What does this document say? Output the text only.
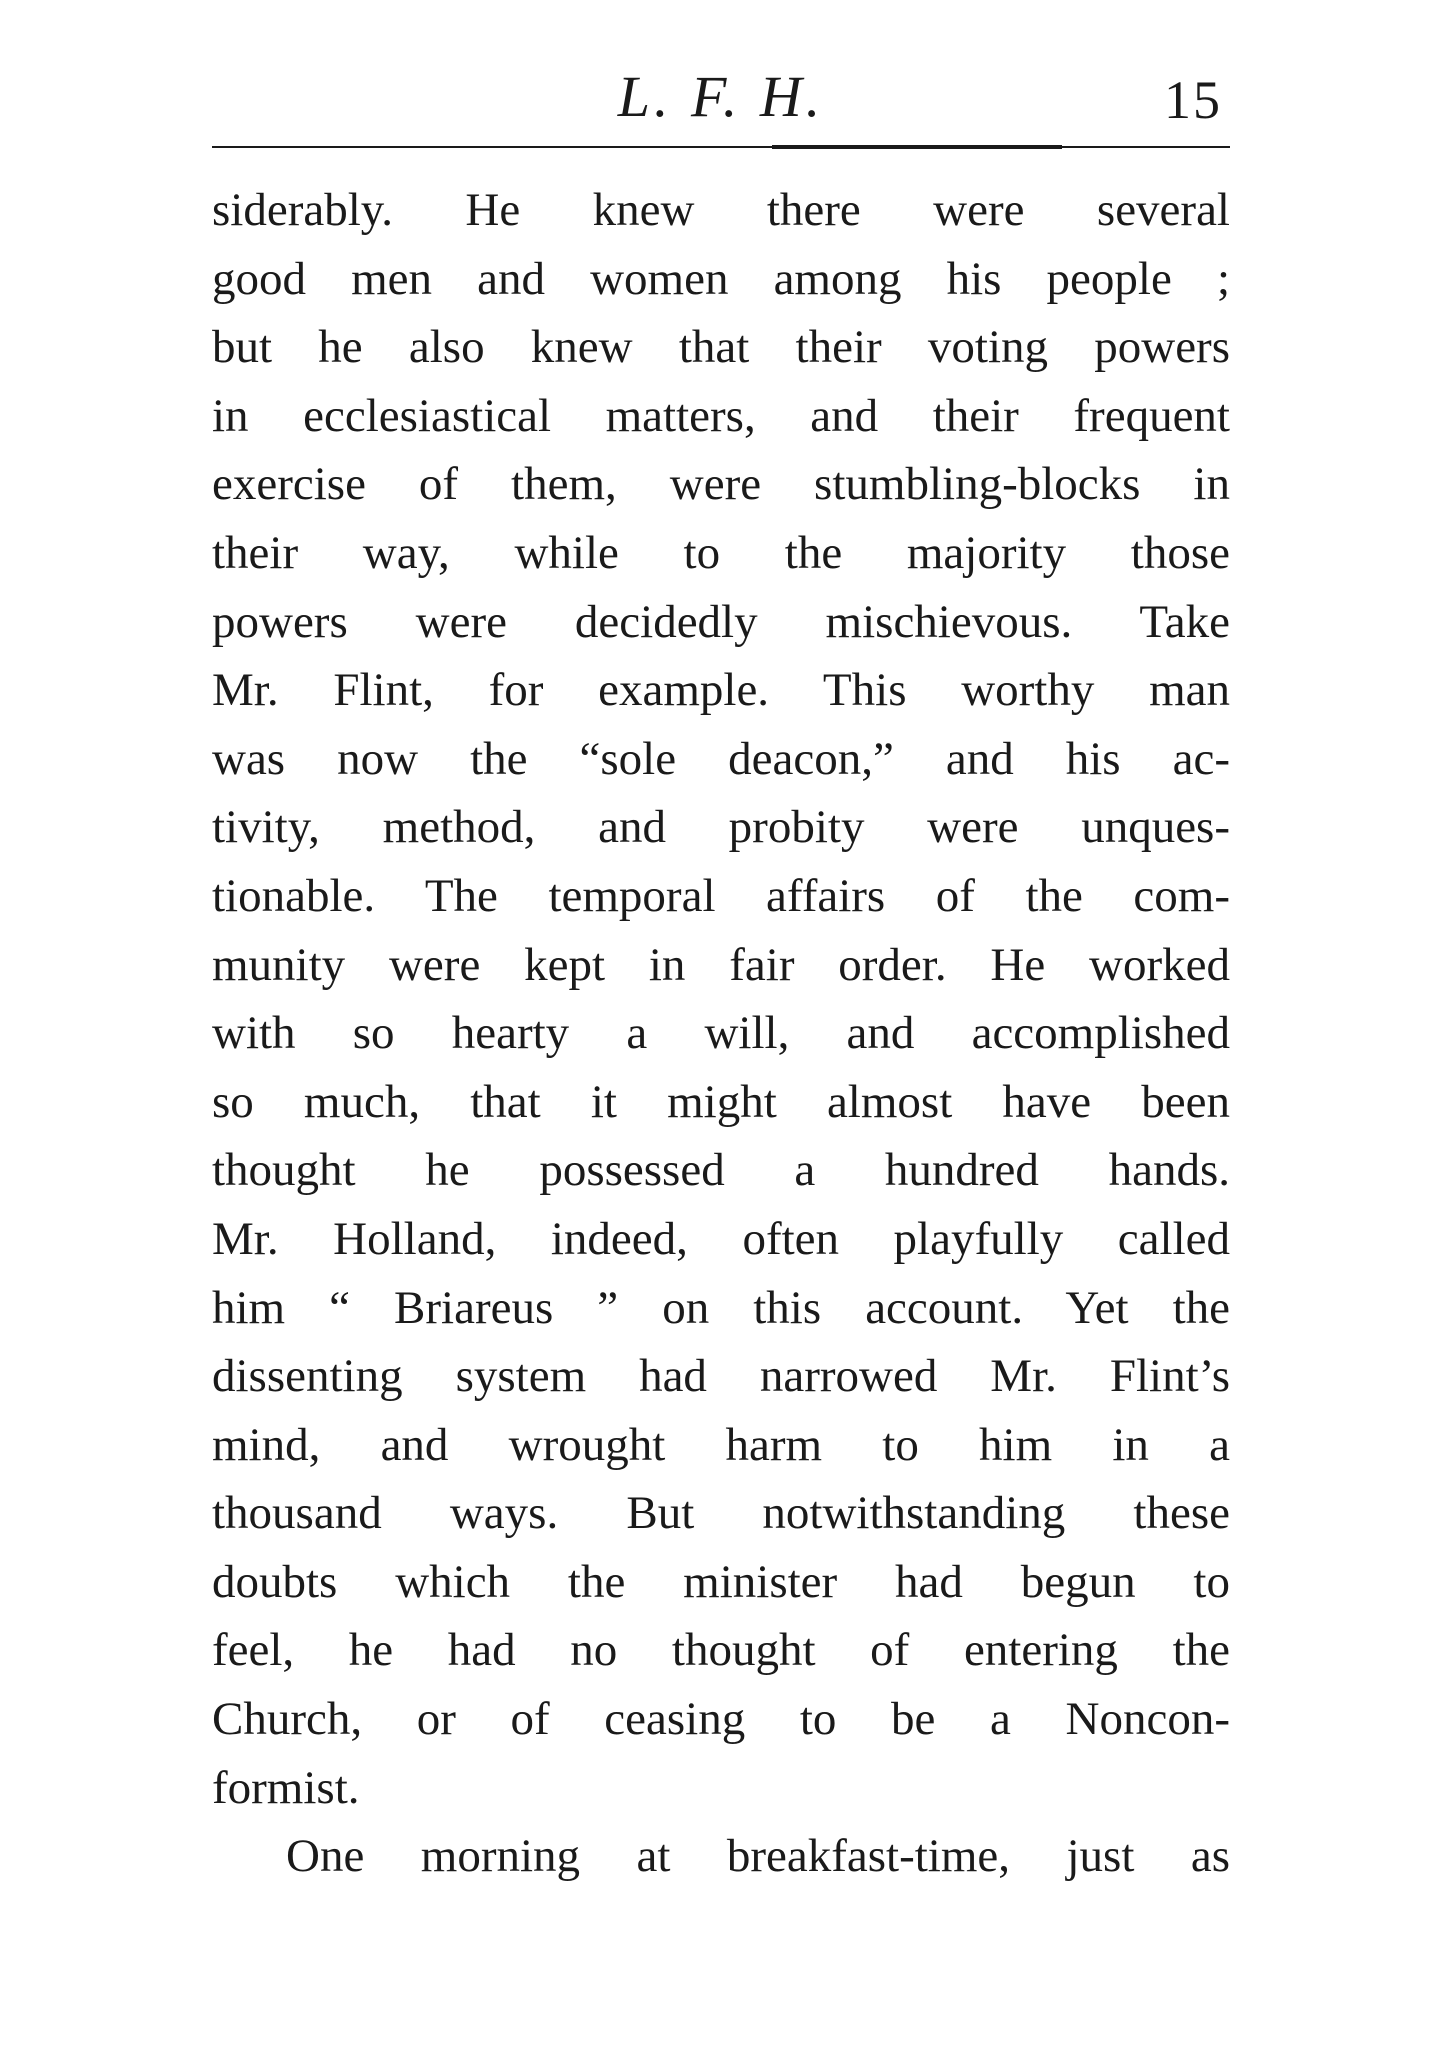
L. F. H.	15
siderably. He knew there were several
good men and women among his people ;
but he also knew that their voting powers
in ecclesiastical matters, and their frequent
exercise of them, were stumbling-blocks in
their way, while to the majority those
powers were decidedly mischievous. Take
Mr. Flint, for example. This worthy man
was now the “sole deacon,” and his ac-
tivity, method, and probity were unques-
tionable. The temporal affairs of the com-
munity were kept in fair order. He worked
with so hearty a will, and accomplished
so much, that it might almost have been
thought he possessed a hundred hands.
Mr. Holland, indeed, often playfully called
him “ Briareus ” on this account. Yet the
dissenting system had narrowed Mr. Flint’s
mind, and wrought harm to him in a
thousand ways. But notwithstanding these
doubts which the minister had begun to
feel, he had no thought of entering the
Church, or of ceasing to be a Noncon-
formist.
One morning at breakfast-time, just as
